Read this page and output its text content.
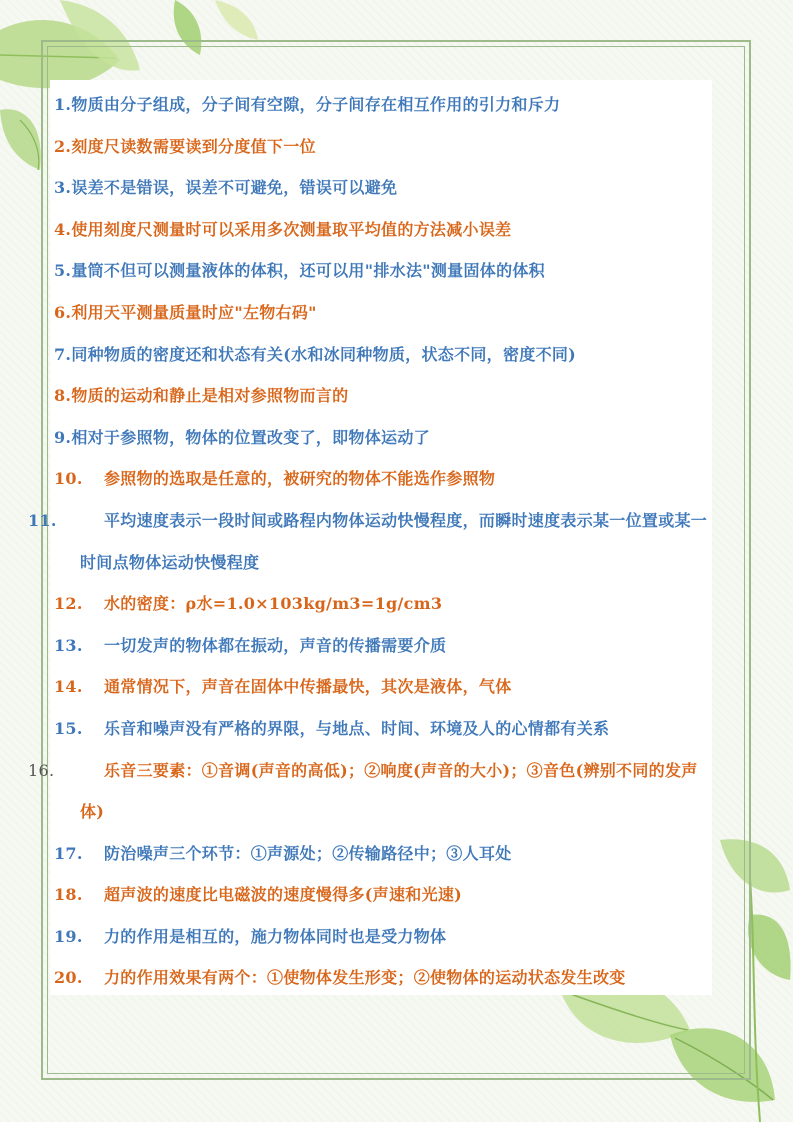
1. 物质由分子组成，分子间有空隙，分子间存在相互作用的引力和斥力
2. 刻度尺读数需要读到分度值下一位
3. 误差不是错误，误差不可避免，错误可以避免
4. 使用刻度尺测量时可以采用多次测量取平均值的方法减小误差
5. 量筒不但可以测量液体的体积，还可以用"排水法"测量固体的体积
6. 利用天平测量质量时应"左物右码"
7. 同种物质的密度还和状态有关(水和冰同种物质，状态不同，密度不同)
8. 物质的运动和静止是相对参照物而言的
9. 相对于参照物，物体的位置改变了，即物体运动了
10.	参照物的选取是任意的，被研究的物体不能选作参照物
11.	平均速度表示一段时间或路程内物体运动快慢程度，而瞬时速度表示某一位置或某一时间点物体运动快慢程度
12.	水的密度：ρ水=1.0×103kg/m3=1g/cm3
13.	一切发声的物体都在振动，声音的传播需要介质
14.	通常情况下，声音在固体中传播最快，其次是液体，气体
15.	乐音和噪声没有严格的界限，与地点、时间、环境及人的心情都有关系
16.	乐音三要素：①音调(声音的高低)；②响度(声音的大小)；③音色(辨别不同的发声体)
17.	防治噪声三个环节：①声源处；②传输路径中；③人耳处
18.	超声波的速度比电磁波的速度慢得多(声速和光速)
19.	力的作用是相互的，施力物体同时也是受力物体
20.	力的作用效果有两个：①使物体发生形变；②使物体的运动状态发生改变
